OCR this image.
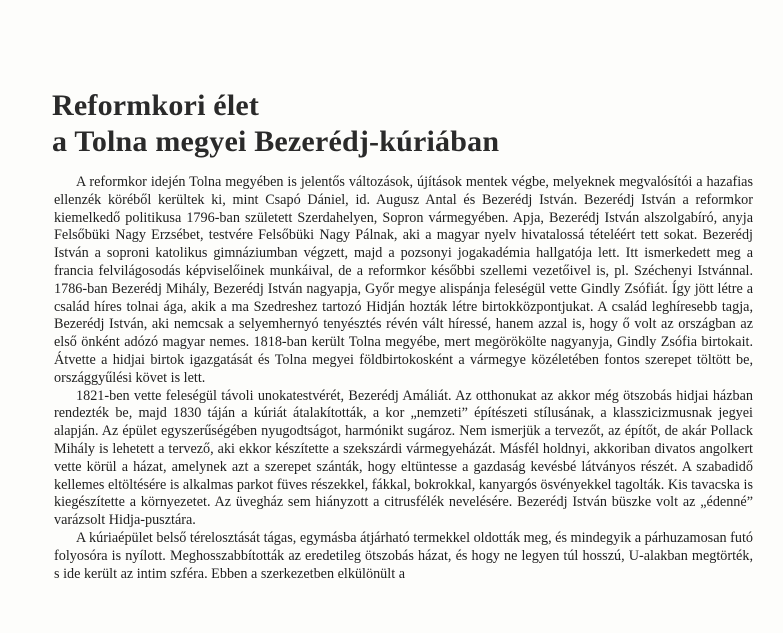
Reformkori élet
a Tolna megyei Bezerédj-kúriában

A reformkor idején Tolna megyében is jelentős változások, újítások mentek végbe, melyeknek megvalósítói a hazafias ellenzék köréből kerültek ki, mint Csapó Dániel, id. Augusz Antal és Bezerédj István. Bezerédj István a reformkor kiemelkedő politikusa 1796-ban született Szerdahelyen, Sopron vármegyében. Apja, Bezerédj István alszolgabíró, anyja Felsőbüki Nagy Erzsébet, testvére Felsőbüki Nagy Pálnak, aki a magyar nyelv hivatalossá tételéért tett sokat. Bezerédj István a soproni katolikus gimnáziumban végzett, majd a pozsonyi jogakadémia hallgatója lett. Itt ismerkedett meg a francia felvilágosodás képviselőinek munkáival, de a reformkor későbbi szellemi vezetőivel is, pl. Széchenyi Istvánnal. 1786-ban Bezerédj Mihály, Bezerédj István nagyapja, Győr megye alispánja feleségül vette Gindly Zsófiát. Így jött létre a család híres tolnai ága, akik a ma Szedreshez tartozó Hidján hozták létre birtokközpontjukat. A család leghíresebb tagja, Bezerédj István, aki nemcsak a selyemhernyó tenyésztés révén vált híressé, hanem azzal is, hogy ő volt az országban az első önként adózó magyar nemes. 1818-ban került Tolna megyébe, mert megörökölte nagyanyja, Gindly Zsófia birtokait. Átvette a hidjai birtok igazgatását és Tolna megyei földbirtokosként a vármegye közéletében fontos szerepet töltött be, országgyűlési követ is lett.

1821-ben vette feleségül távoli unokatestvérét, Bezerédj Amáliát. Az otthonukat az akkor még ötszobás hidjai házban rendezték be, majd 1830 táján a kúriát átalakították, a kor „nemzeti” építészeti stílusának, a klasszicizmusnak jegyei alapján. Az épület egyszerűségében nyugodtságot, harmónikt sugároz. Nem ismerjük a tervezőt, az építőt, de akár Pollack Mihály is lehetett a tervező, aki ekkor készítette a szekszárdi vármegyeházát. Másfél holdnyi, akkoriban divatos angolkert vette körül a házat, amelynek azt a szerepet szánták, hogy eltüntesse a gazdaság kevésbé látványos részét. A szabadidő kellemes eltöltésére is alkalmas parkot füves részekkel, fákkal, bokrokkal, kanyargós ösvényekkel tagolták. Kis tavacska is kiegészítette a környezetet. Az üvegház sem hiányzott a citrusfélék nevelésére. Bezerédj István büszke volt az „édenné” varázsolt Hidja-pusztára.

A kúriaépület belső térelosztását tágas, egymásba átjárható termekkel oldották meg, és mindegyik a párhuzamosan futó folyosóra is nyílott. Meghosszabbították az eredetileg ötszobás házat, és hogy ne legyen túl hosszú, U-alakban megtörték, s ide került az intim szféra. Ebben a szerkezetben elkülönült a
